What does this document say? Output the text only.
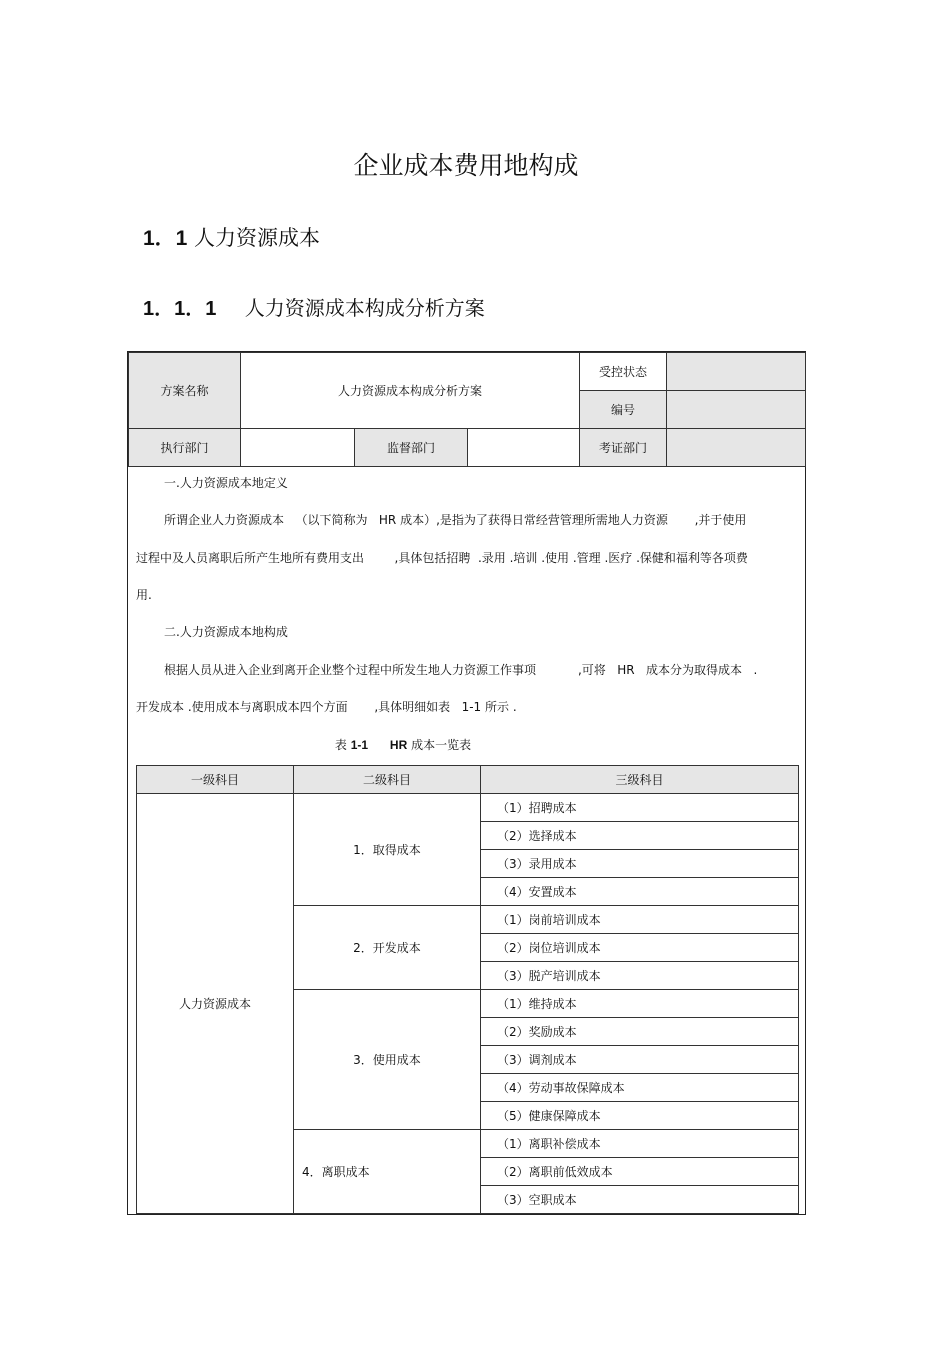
企业成本费用地构成
1．1 人力资源成本
1．1．1 人力资源成本构成分析方案
方案名称	人力资源成本构成分析方案			受控状态	
				编号	
执行部门		监督部门		考证部门	
一.人力资源成本地定义
所谓企业人力资源成本   （以下简称为   HR 成本）,是指为了获得日常经营管理所需地人力资源       ,并于使用
过程中及人员离职后所产生地所有费用支出        ,具体包括招聘  .录用 .培训 .使用 .管理 .医疗 .保健和福利等各项费
用.
二.人力资源成本地构成
根据人员从进入企业到离开企业整个过程中所发生地人力资源工作事项           ,可将   HR   成本分为取得成本   .
开发成本 .使用成本与离职成本四个方面       ,具体明细如表   1-1 所示 .
表 1-1 HR 成本一览表
一级科目	二级科目	三级科目
人力资源成本	1．取得成本	（1）招聘成本
		（2）选择成本
		（3）录用成本
		（4）安置成本
	2．开发成本	（1）岗前培训成本
		（2）岗位培训成本
		（3）脱产培训成本
	3．使用成本	（1）维持成本
		（2）奖励成本
		（3）调剂成本
		（4）劳动事故保障成本
		（5）健康保障成本
	4．离职成本	（1）离职补偿成本
		（2）离职前低效成本
		（3）空职成本
